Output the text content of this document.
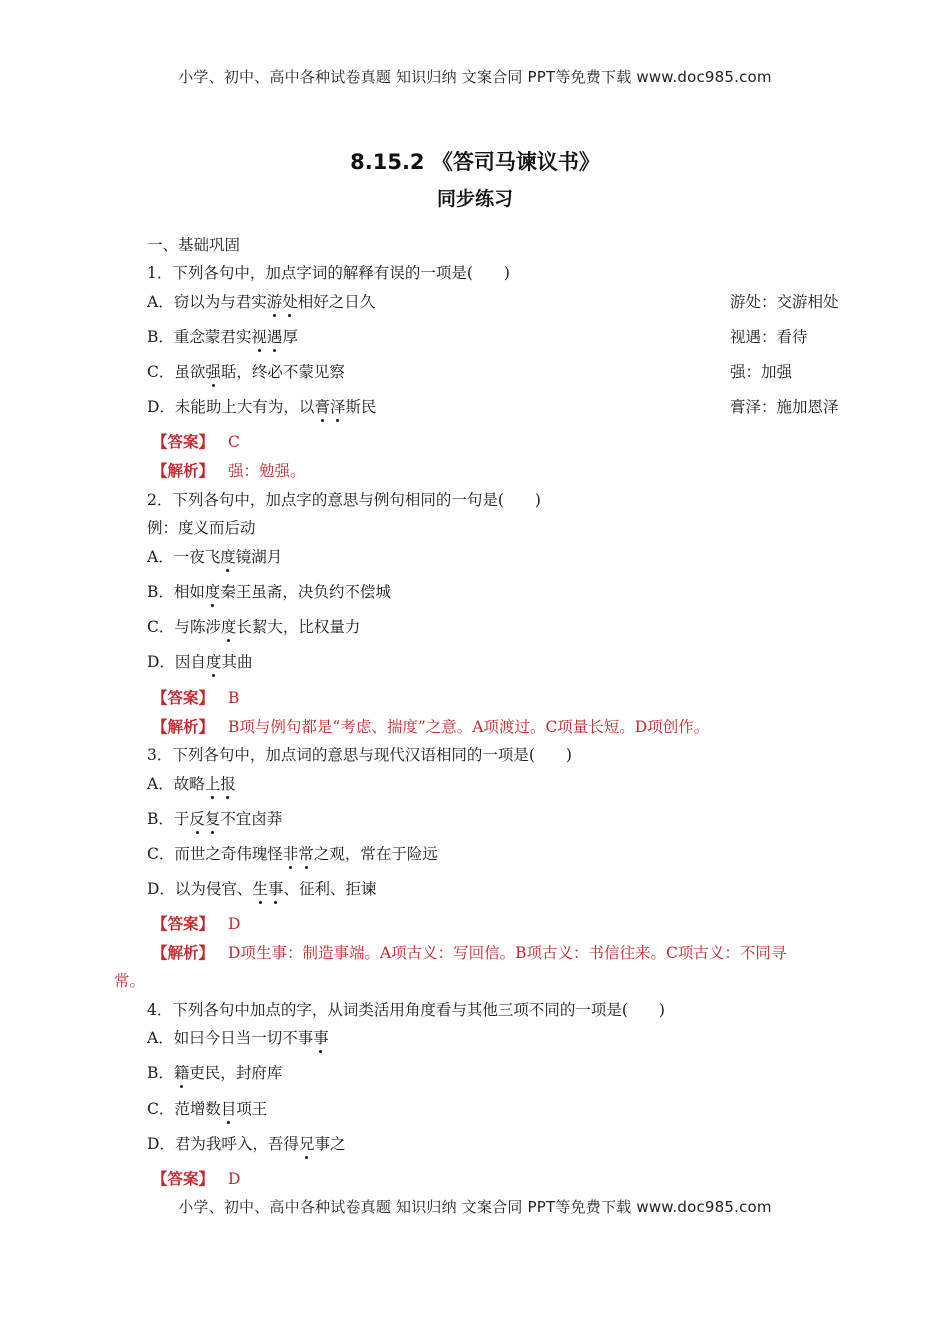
小学、初中、高中各种试卷真题 知识归纳 文案合同 PPT等免费下载 www.doc985.com
8.15.2 《答司马谏议书》
同步练习
一、基础巩固
1．下列各句中，加点字词的解释有误的一项是(　　)
A．窃以为与君实游处相好之日久	游处：交游相处
B．重念蒙君实视遇厚	视遇：看待
C．虽欲强聒，终必不蒙见察	强：加强
D．未能助上大有为，以膏泽斯民	膏泽：施加恩泽
【答案】 C
【解析】 强：勉强。
2．下列各句中，加点字的意思与例句相同的一句是(　　)
例：度义而后动
A．一夜飞度镜湖月
B．相如度秦王虽斋，决负约不偿城
C．与陈涉度长絜大，比权量力
D．因自度其曲
【答案】 B
【解析】 B项与例句都是“考虑、揣度”之意。A项渡过。C项量长短。D项创作。
3．下列各句中，加点词的意思与现代汉语相同的一项是(　　)
A．故略上报
B．于反复不宜卤莽
C．而世之奇伟瑰怪非常之观，常在于险远
D．以为侵官、生事、征利、拒谏
【答案】 D
【解析】 D项生事：制造事端。A项古义：写回信。B项古义：书信往来。C项古义：不同寻
常。
4．下列各句中加点的字，从词类活用角度看与其他三项不同的一项是(　　)
A．如曰今日当一切不事事
B．籍吏民，封府库
C．范增数目项王
D．君为我呼入，吾得兄事之
【答案】 D
小学、初中、高中各种试卷真题 知识归纳 文案合同 PPT等免费下载 www.doc985.com
